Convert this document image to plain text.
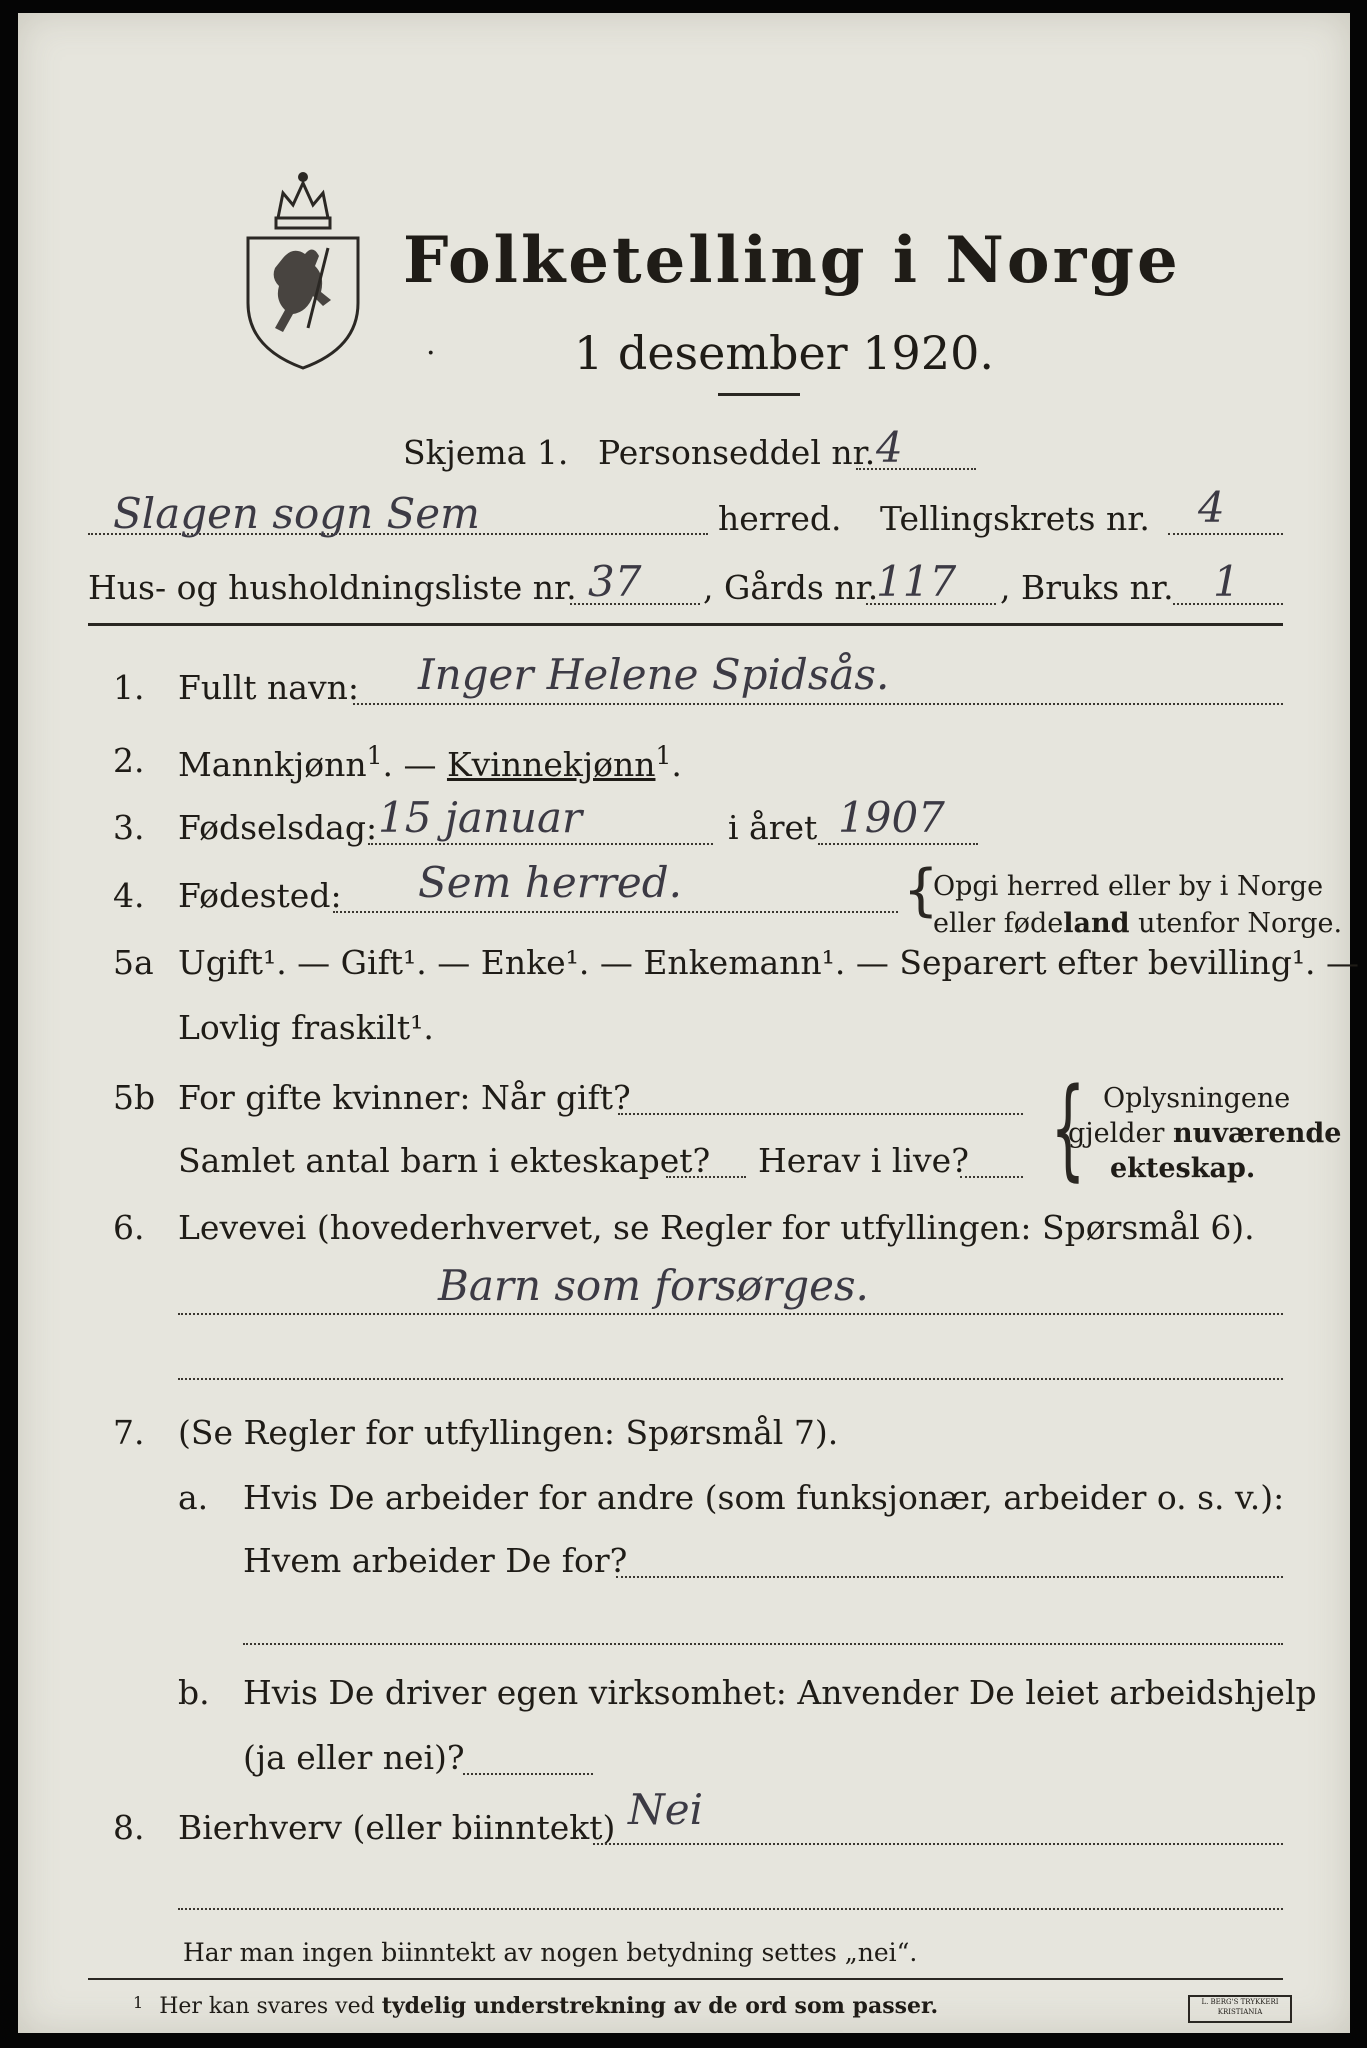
Folketelling i Norge
1 desember 1920.
·
Skjema 1. Personseddel nr. 4
Slagen sogn Sem	herred. Tellingskrets nr. 4
Hus- og husholdningsliste nr. 37 , Gårds nr.
117 , Bruks nr. 1
1. Fullt navn: Inger Helene Spidsås.
2. Mannkjønn$^1$. — Kvinnekjønn$^1$.
3. Fødselsdag: 15 januar	i året 1907
4. Fødested: Sem herred.	{
Opgi herred eller by i Norge
eller fødeland utenfor Norge.
5a Ugift¹. — Gift¹. — Enke¹. — Enkemann¹. — Separert efter bevilling¹. —
Lovlig fraskilt¹.
5b For gifte kvinner: Når gift?
Samlet antal barn i ekteskapet? Herav i live? { Oplysningene
gjelder nuværende
ekteskap.
6. Levevei (hovederhvervet, se Regler for utfyllingen: Spørsmål 6).
Barn som forsørges.
7. (Se Regler for utfyllingen: Spørsmål 7).
a. Hvis De arbeider for andre (som funksjonær, arbeider o. s. v.):
Hvem arbeider De for?
b. Hvis De driver egen virksomhet: Anvender De leiet arbeidshjelp
(ja eller nei)?
8. Bierhverv (eller biinntekt) Nei
Har man ingen biinntekt av nogen betydning settes „nei“.
$^1$ Her kan svares ved tydelig understrekning av de ord som passer.	L. BERG'S TRYKKERI
KRISTIANIA
